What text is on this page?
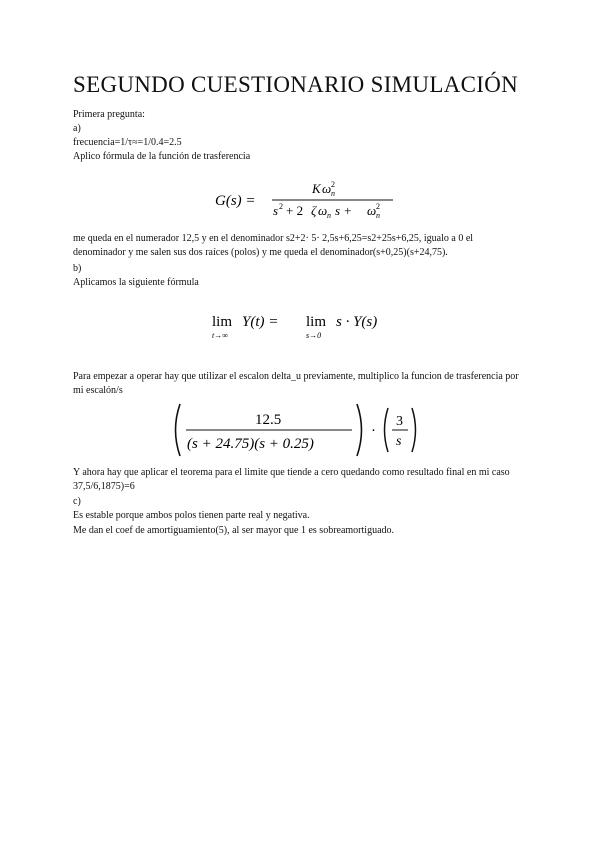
SEGUNDO CUESTIONARIO SIMULACIÓN
Primera pregunta:
a)
frecuencia=1/τ≈=1/0.4=2.5
Aplico fórmula de la función de trasferencia
G(s) =
K ω n
2
s 2 + 2 ζ ω n s + ω n
2
me queda en el numerador 12,5 y en el denominador s2+2· 5· 2,5s+6,25=s2+25s+6,25, igualo a 0 el denominador y me salen sus dos raíces (polos) y me queda el denominador(s+0,25)(s+24,75).
b)
Aplicamos la siguiente fórmula
lim
t→∞
Y(t) = lim
s→0
s · Y(s)
Para empezar a operar hay que utilizar el escalon delta_u previamente, multiplico la funcion de trasferencia por mi escalón/s
12.5
(s + 24.75)(s + 0.25)
·
3
s
Y ahora hay que aplicar el teorema para el limite que tiende a cero quedando como resultado final en mi caso 37,5/6,1875)=6
c)
Es estable porque ambos polos tienen parte real y negativa.
Me dan el coef de amortiguamiento(5), al ser mayor que 1 es sobreamortiguado.
